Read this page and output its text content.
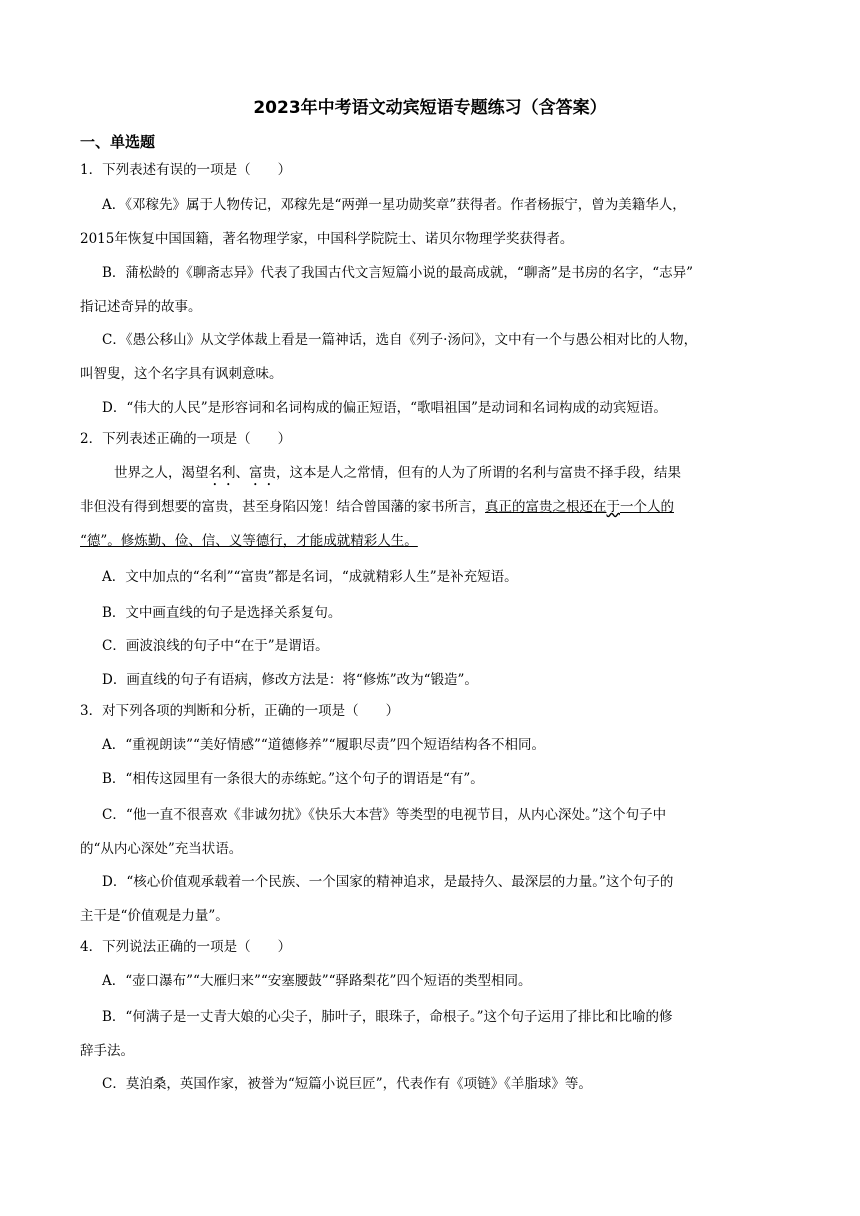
2023年中考语文动宾短语专题练习（含答案）
一、单选题
1．下列表述有误的一项是（　　）
A．《邓稼先》属于人物传记，邓稼先是“两弹一星功勋奖章”获得者。作者杨振宁，曾为美籍华人，
2015年恢复中国国籍，著名物理学家，中国科学院院士、诺贝尔物理学奖获得者。
B．蒲松龄的《聊斋志异》代表了我国古代文言短篇小说的最高成就，“聊斋”是书房的名字，“志异”
指记述奇异的故事。
C．《愚公移山》从文学体裁上看是一篇神话，选自《列子·汤问》，文中有一个与愚公相对比的人物，
叫智叟，这个名字具有讽刺意味。
D．“伟大的人民”是形容词和名词构成的偏正短语，“歌唱祖国”是动词和名词构成的动宾短语。
2．下列表述正确的一项是（　　）
世界之人，渴望名利、富贵，这本是人之常情，但有的人为了所谓的名利与富贵不择手段，结果
非但没有得到想要的富贵，甚至身陷囚笼！结合曾国藩的家书所言，真正的富贵之根还在于一个人的
“德”。修炼勤、俭、信、义等德行，才能成就精彩人生。
A．文中加点的“名利”“富贵”都是名词，“成就精彩人生”是补充短语。
B．文中画直线的句子是选择关系复句。
C．画波浪线的句子中“在于”是谓语。
D．画直线的句子有语病，修改方法是：将“修炼”改为“锻造”。
3．对下列各项的判断和分析，正确的一项是（　　）
A．“重视朗读”“美好情感”“道德修养”“履职尽责”四个短语结构各不相同。
B．“相传这园里有一条很大的赤练蛇。”这个句子的谓语是“有”。
C．“他一直不很喜欢《非诚勿扰》《快乐大本营》等类型的电视节目，从内心深处。”这个句子中
的“从内心深处”充当状语。
D．“核心价值观承载着一个民族、一个国家的精神追求，是最持久、最深层的力量。”这个句子的
主干是“价值观是力量”。
4．下列说法正确的一项是（　　）
A．“壶口瀑布”“大雁归来”“安塞腰鼓”“驿路梨花”四个短语的类型相同。
B．“何满子是一丈青大娘的心尖子，肺叶子，眼珠子，命根子。”这个句子运用了排比和比喻的修
辞手法。
C．莫泊桑，英国作家，被誉为“短篇小说巨匠”，代表作有《项链》《羊脂球》等。
